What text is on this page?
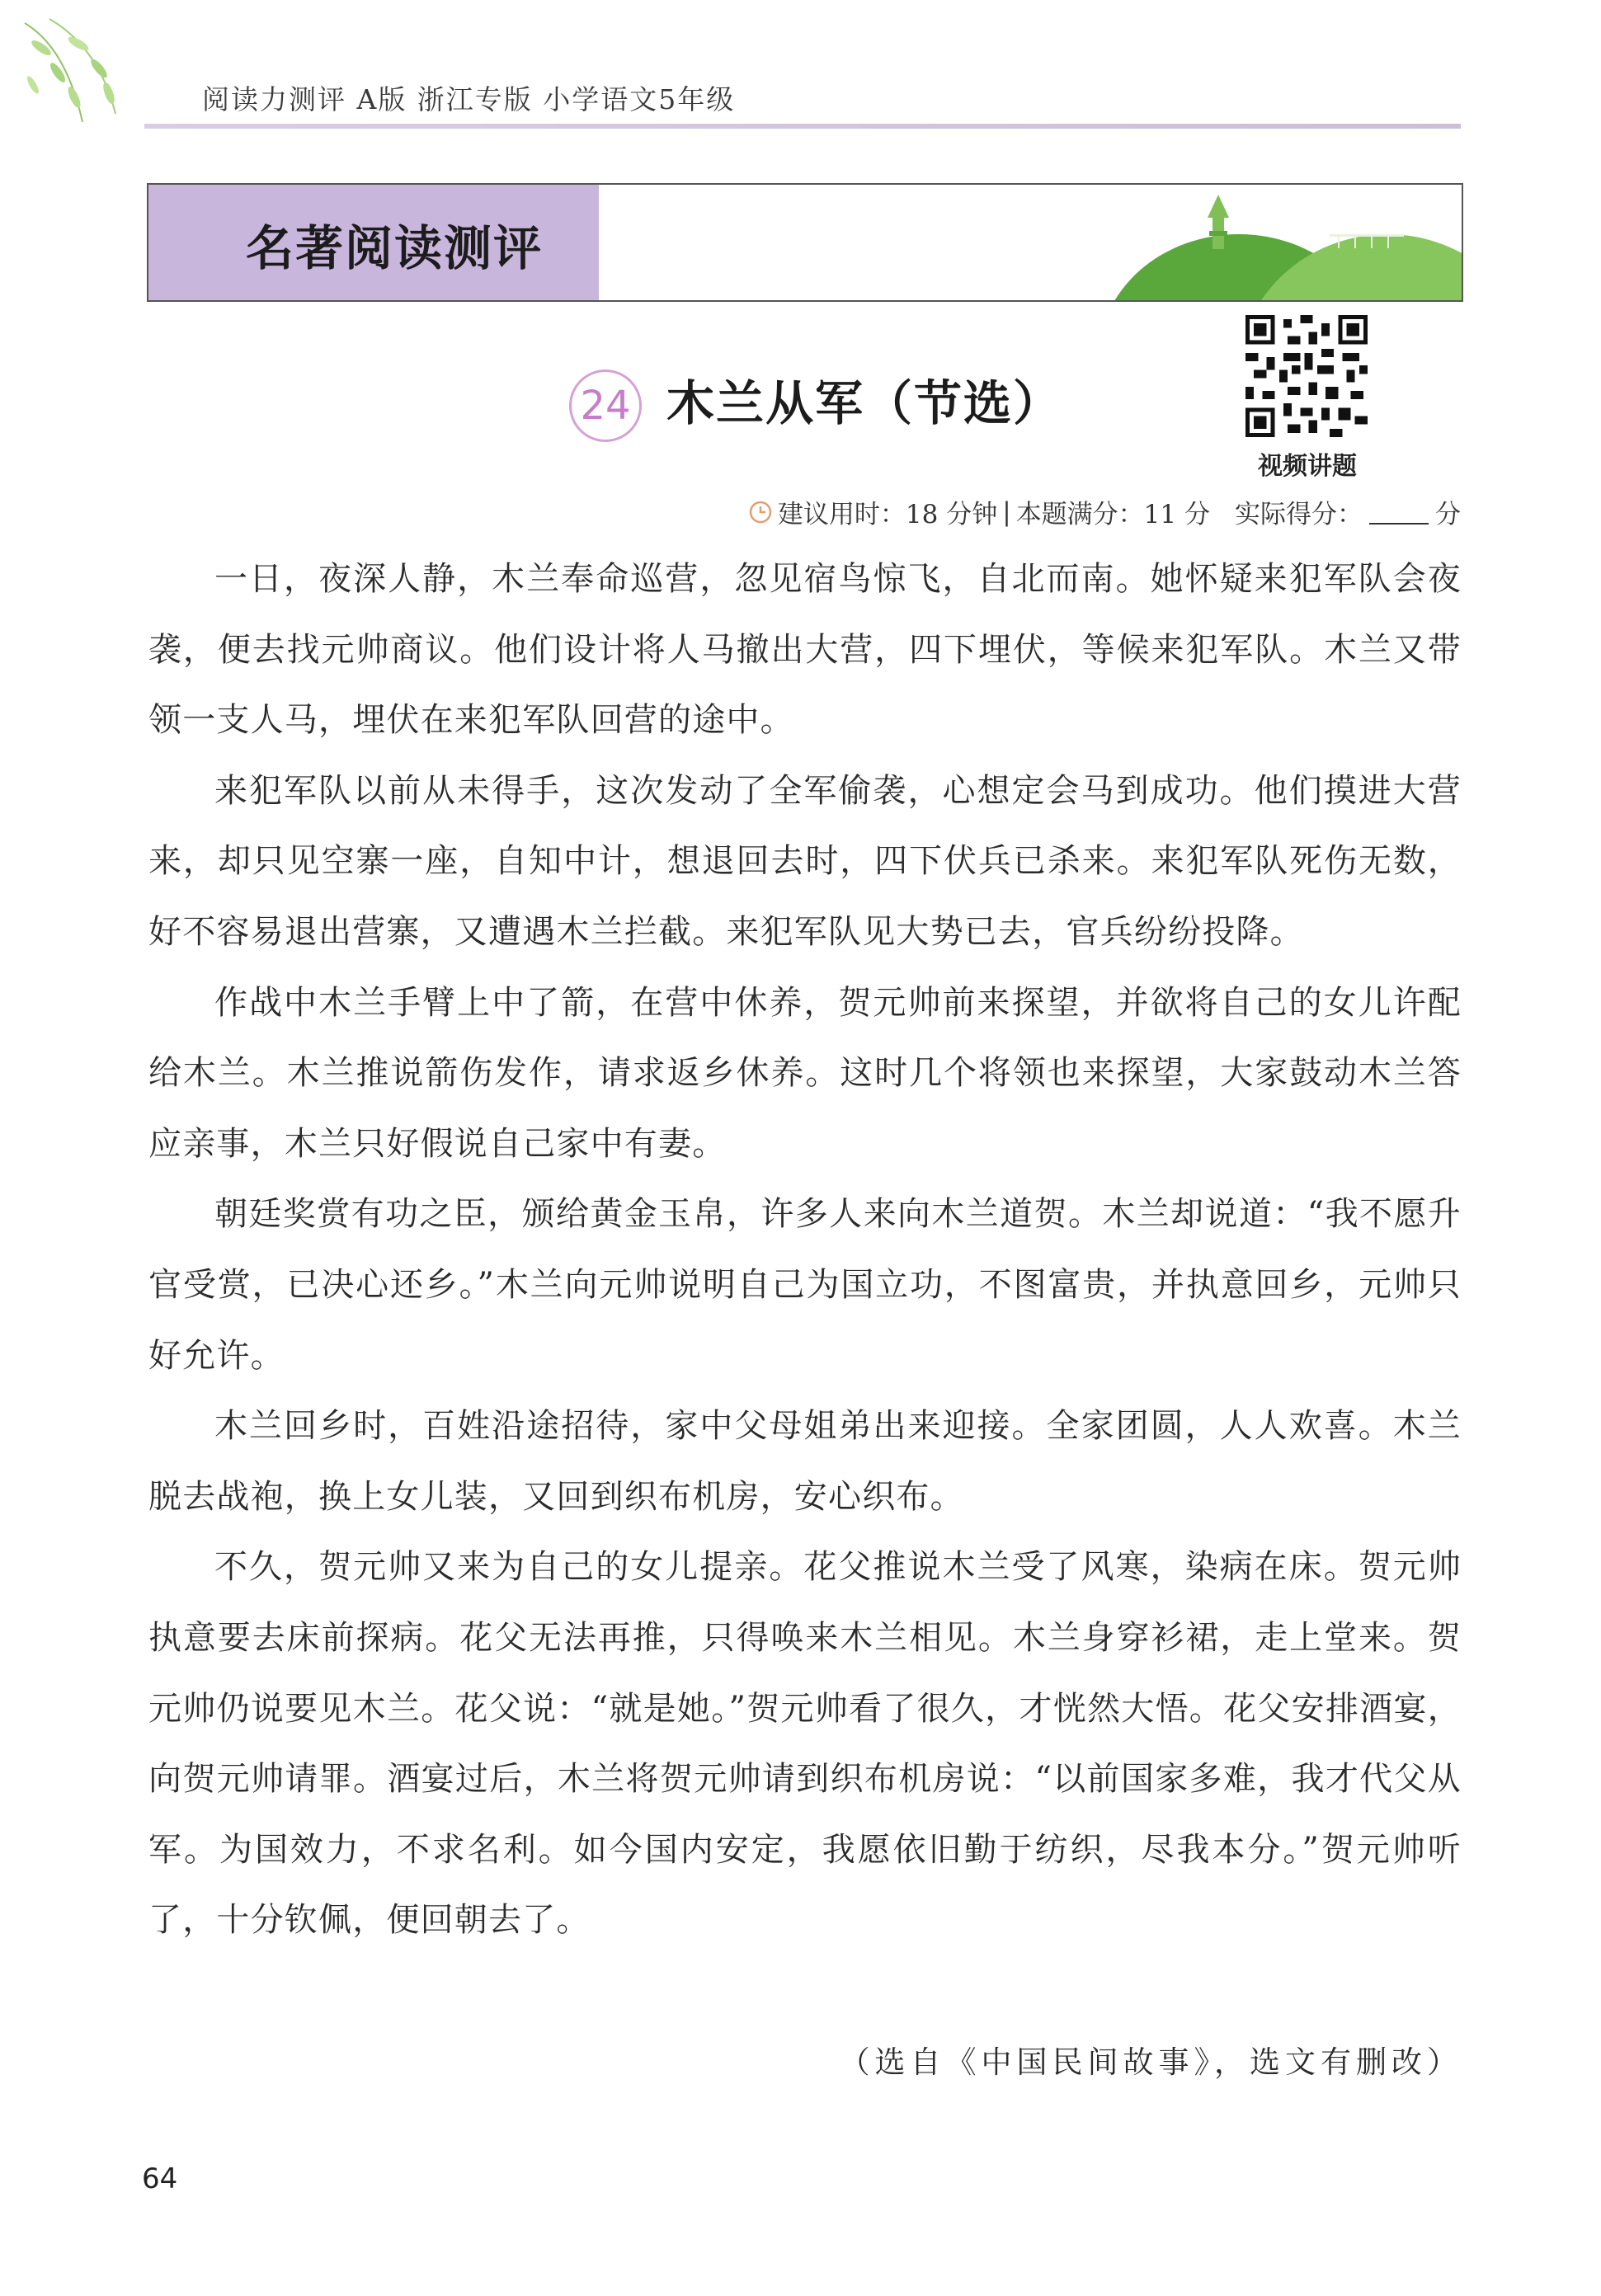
阅读力测评 A版 浙江专版 小学语文5年级
名著阅读测评
24 木兰从军（节选）
视频讲题
建议用时：18 分钟 | 本题满分：11 分 实际得分：	分

一日，夜深人静，木兰奉命巡营，忽见宿鸟惊飞，自北而南。她怀疑来犯军队会夜袭，便去找元帅商议。他们设计将人马撤出大营，四下埋伏，等候来犯军队。木兰又带领一支人马，埋伏在来犯军队回营的途中。

来犯军队以前从未得手，这次发动了全军偷袭，心想定会马到成功。他们摸进大营来，却只见空寨一座，自知中计，想退回去时，四下伏兵已杀来。来犯军队死伤无数，好不容易退出营寨，又遭遇木兰拦截。来犯军队见大势已去，官兵纷纷投降。

作战中木兰手臂上中了箭，在营中休养，贺元帅前来探望，并欲将自己的女儿许配给木兰。木兰推说箭伤发作，请求返乡休养。这时几个将领也来探望，大家鼓动木兰答应亲事，木兰只好假说自己家中有妻。

朝廷奖赏有功之臣，颁给黄金玉帛，许多人来向木兰道贺。木兰却说道：“我不愿升官受赏，已决心还乡。”木兰向元帅说明自己为国立功，不图富贵，并执意回乡，元帅只好允许。

木兰回乡时，百姓沿途招待，家中父母姐弟出来迎接。全家团圆，人人欢喜。木兰脱去战袍，换上女儿装，又回到织布机房，安心织布。

不久，贺元帅又来为自己的女儿提亲。花父推说木兰受了风寒，染病在床。贺元帅执意要去床前探病。花父无法再推，只得唤来木兰相见。木兰身穿衫裙，走上堂来。贺元帅仍说要见木兰。花父说：“就是她。”贺元帅看了很久，才恍然大悟。花父安排酒宴，向贺元帅请罪。酒宴过后，木兰将贺元帅请到织布机房说：“以前国家多难，我才代父从军。为国效力，不求名利。如今国内安定，我愿依旧勤于纺织，尽我本分。”贺元帅听了，十分钦佩，便回朝去了。

（选自《中国民间故事》，选文有删改）
64
